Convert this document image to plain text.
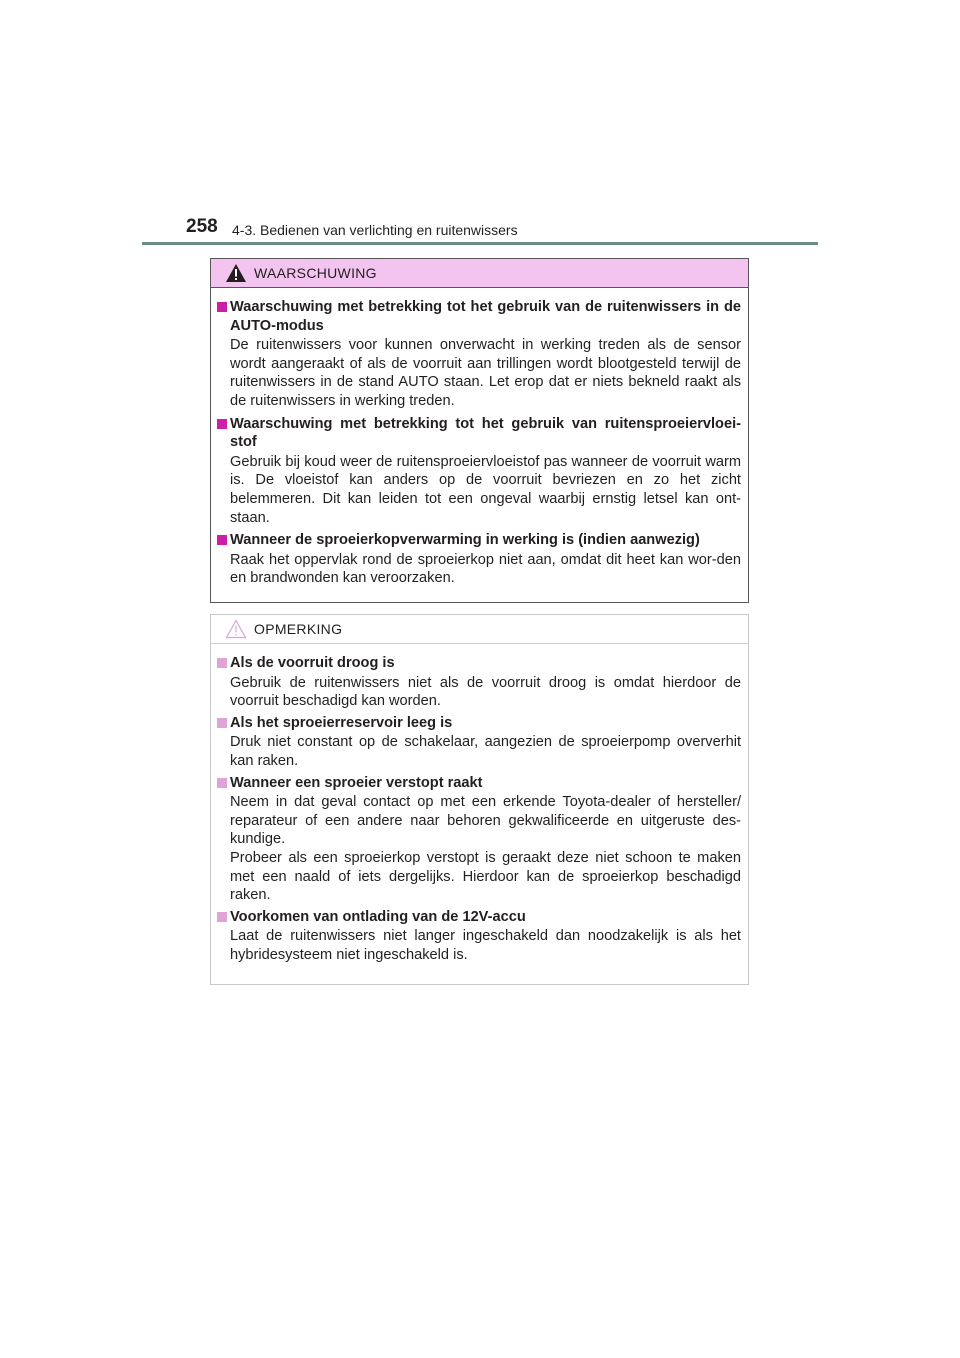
258 4-3. Bedienen van verlichting en ruitenwissers
WAARSCHUWING
Waarschuwing met betrekking tot het gebruik van de ruitenwissers in de AUTO-modus

De ruitenwissers voor kunnen onverwacht in werking treden als de sensor wordt aangeraakt of als de voorruit aan trillingen wordt blootgesteld terwijl de ruitenwissers in de stand AUTO staan. Let erop dat er niets bekneld raakt als de ruitenwissers in werking treden.

Waarschuwing met betrekking tot het gebruik van ruitensproeiervloei-stof

Gebruik bij koud weer de ruitensproeiervloeistof pas wanneer de voorruit warm is. De vloeistof kan anders op de voorruit bevriezen en zo het zicht belemmeren. Dit kan leiden tot een ongeval waarbij ernstig letsel kan ont-staan.

Wanneer de sproeierkopverwarming in werking is (indien aanwezig)

Raak het oppervlak rond de sproeierkop niet aan, omdat dit heet kan wor-den en brandwonden kan veroorzaken.

OPMERKING
Als de voorruit droog is

Gebruik de ruitenwissers niet als de voorruit droog is omdat hierdoor de voorruit beschadigd kan worden.

Als het sproeierreservoir leeg is

Druk niet constant op de schakelaar, aangezien de sproeierpomp oververhit kan raken.

Wanneer een sproeier verstopt raakt

Neem in dat geval contact op met een erkende Toyota-dealer of hersteller/ reparateur of een andere naar behoren gekwalificeerde en uitgeruste des-kundige.

Probeer als een sproeierkop verstopt is geraakt deze niet schoon te maken met een naald of iets dergelijks. Hierdoor kan de sproeierkop beschadigd raken.

Voorkomen van ontlading van de 12V-accu

Laat de ruitenwissers niet langer ingeschakeld dan noodzakelijk is als het hybridesysteem niet ingeschakeld is.
